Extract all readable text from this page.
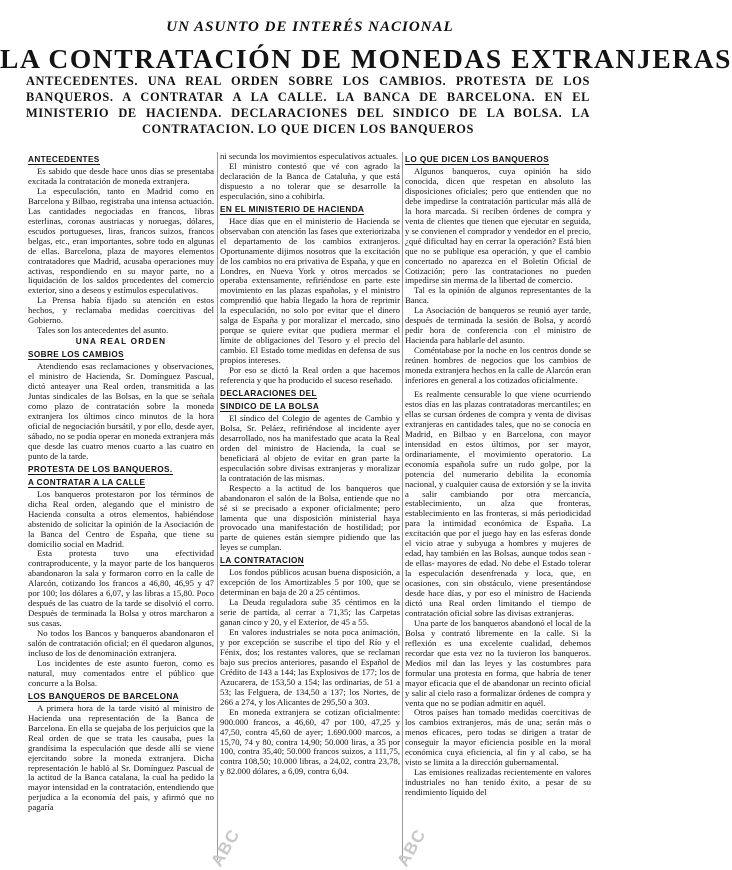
UN ASUNTO DE INTERÉS NACIONAL
LA CONTRATACIÓN DE MONEDAS EXTRANJERAS
ANTECEDENTES. UNA REAL ORDEN SOBRE LOS CAMBIOS. PROTESTA DE LOS BANQUEROS. A CONTRATAR A LA CALLE. LA BANCA DE BARCELONA. EN EL MINISTERIO DE HACIENDA. DECLARACIONES DEL SINDICO DE LA BOLSA. LA CONTRATACION. LO QUE DICEN LOS BANQUEROS
ANTECEDENTES

Es sabido que desde hace unos días se presentaba excitada la contratación de moneda extranjera.

La especulación, tanto en Madrid como en Barcelona y Bilbao, registraba una intensa actuación. Las cantidades negociadas en francos, libras esterlinas, coronas austriacas y noruegas, dólares, escudos portugueses, liras, francos suizos, francos belgas, etc., eran importantes, sobre todo en algunas de ellas. Barcelona, plaza de mayores elementos contratadores que Madrid, acusaba operaciones muy activas, respondiendo en su mayor parte, no a liquidación de los saldos procedentes del comercio exterior, sino a deseos y estímulos especulativos.

La Prensa había fijado su atención en estos hechos, y reclamaba medidas coercitivas del Gobierno.

Tales son los antecedentes del asunto.

UNA REAL ORDEN
SOBRE LOS CAMBIOS

Atendiendo esas reclamaciones y observaciones, el ministro de Hacienda, Sr. Domínguez Pascual, dictó anteayer una Real orden, transmitida a las Juntas sindicales de las Bolsas, en la que se señala como plazo de contratación sobre la moneda extranjera los últimos cinco minutos de la hora oficial de negociación bursátil, y por ello, desde ayer, sábado, no se podía operar en moneda extranjera más que desde las cuatro menos cuarto a las cuatro en punto de la tarde.

PROTESTA DE LOS BANQUEROS.
A CONTRATAR A LA CALLE

Los banqueros protestaron por los términos de dicha Real orden, alegando que el ministro de Hacienda consulta a otros elementos, habiéndose abstenido de solicitar la opinión de la Asociación de la Banca del Centro de España, que tiene su domicilio social en Madrid.

Esta protesta tuvo una efectividad contraproducente, y la mayor parte de los banqueros abandonaron la sala y formaron corro en la calle de Alarcón, cotizando los francos a 46,80, 46,95 y 47 por 100; los dólares a 6,07, y las libras a 15,80. Poco después de las cuatro de la tarde se disolvió el corro. Después de terminada la Bolsa y otros marcharon a sus casas.

No todos los Bancos y banqueros abandonaron el salón de contratación oficial; en él quedaron algunos, incluso de los de denominación extranjera.

Los incidentes de este asunto fueron, como es natural, muy comentados entre el público que concurre a la Bolsa.

LOS BANQUEROS DE BARCELONA

A primera hora de la tarde visitó al ministro de Hacienda una representación de la Banca de Barcelona. En ella se quejaba de los perjuicios que la Real orden de que se trata les causaba, pues la grandísima la especulación que desde allí se viene ejercitando sobre la moneda extranjera. Dicha representación le habló al Sr. Domínguez Pascual de la actitud de la Banca catalana, la cual ha pedido la mayor intensidad en la contratación, entendiendo que perjudica a la economía del país, y afirmó que no pagaría

ni secunda los movimientos especulativos actuales.

El ministro contestó que vé con agrado la declaración de la Banca de Cataluña, y que está dispuesto a no tolerar que se desarrolle la especulación, sino a cohibirla.

EN EL MINISTERIO DE HACIENDA

Hace días que en el ministerio de Hacienda se observaban con atención las fases que exteriorizaba el departamento de los cambios extranjeros. Oportunamente dijimos nosotros que la excitación de los cambios no era privativa de España, y que en Londres, en Nueva York y otros mercados se operaba extensamente, refiriéndose en parte este movimiento en las plazas españolas, y el ministro comprendió que había llegado la hora de reprimir la especulación, no solo por evitar que el dinero salga de España y por moralizar el mercado, sino porque se quiere evitar que pudiera mermar el límite de obligaciones del Tesoro y el precio del cambio. El Estado tome medidas en defensa de sus propios intereses.

Por eso se dictó la Real orden a que hacemos referencia y que ha producido el suceso reseñado.

DECLARACIONES DEL
SINDICO DE LA BOLSA

El síndico del Colegio de agentes de Cambio y Bolsa, Sr. Peláez, refiriéndose al incidente ayer desarrollado, nos ha manifestado que acata la Real orden del ministro de Hacienda, la cual se beneficiará al objeto de evitar en gran parte la especulación sobre divisas extranjeras y moralizar la contratación de las mismas.

Respecto a la actitud de los banqueros que abandonaron el salón de la Bolsa, entiende que no sé si se precisado a exponer oficialmente; pero lamenta que una disposición ministerial haya provocado una manifestación de hostilidad; por parte de quienes están siempre pidiendo que las leyes se cumplan.

LA CONTRATACION

Los fondos públicos acusan buena disposición, a excepción de los Amortizables 5 por 100, que se determinan en baja de 20 a 25 céntimos.

La Deuda reguladora sube 35 céntimos en la serie de partida, al cerrar a 71,35; las Carpetas ganan cinco y 20, y el Exterior, de 45 a 55.

En valores industriales se nota poca animación, y por excepción se suscribe el tipo del Río y el Fénix, dos; los restantes valores, que se reclaman bajo sus precios anteriores, pasando el Español de Crédito de 143 a 144; las Explosivos de 177; los de Azucarera, de 153,50 a 154; las ordinarias, de 51 a 53; las Felguera, de 134,50 a 137; los Nortes, de 266 a 274, y los Alicantes de 295,50 a 303.

En moneda extranjera se cotizan oficialmente: 900.000 francos, a 46,60, 47 por 100, 47,25 y 47,50, contra 45,60 de ayer; 1.690.000 marcos, a 15,70, 74 y 80, contra 14,90; 50.000 liras, a 35 por 100, contra 35,40; 50.000 francos suizos, a 111,75, contra 108,50; 10.000 libras, a 24,02, contra 23,78, y 82.000 dólares, a 6,09, contra 6,04.

LO QUE DICEN LOS BANQUEROS

Algunos banqueros, cuya opinión ha sido conocida, dicen que respetan en absoluto las disposiciones oficiales; pero que entienden que no debe impedirse la contratación particular más allá de la hora marcada. Si reciben órdenes de compra y venta de clientes que tienen que ejecutar en seguida, y se convienen el comprador y vendedor en el precio, ¿qué dificultad hay en cerrar la operación? Está bien que no se publique esa operación, y que el cambio concertado no aparezca en el Boletín Oficial de Cotización; pero las contrataciones no pueden impedirse sin merma de la libertad de comercio.

Tal es la opinión de algunos representantes de la Banca.

La Asociación de banqueros se reunió ayer tarde, después de terminada la sesión de Bolsa, y acordó pedir hora de conferencia con el ministro de Hacienda para hablarle del asunto.

Coméntabase por la noche en los centros donde se reúnen hombres de negocios que los cambios de moneda extranjera hechos en la calle de Alarcón eran inferiores en general a los cotizados oficialmente.

Es realmente censurable lo que viene ocurriendo estos días en las plazas contratadoras mercantiles; en ellas se cursan órdenes de compra y venta de divisas extranjeras en cantidades tales, que no se conocía en Madrid, en Bilbao y en Barcelona, con mayor intensidad en estos últimos, por ser mayor, ordinariamente, el movimiento operatorio. La economía española sufre un rudo golpe, por la potencia del numerario debilita la economía nacional, y cualquier causa de extorsión y se la invita a salir cambiando por otra mercancía, establecimiento, un alza que fronteras, establecimiento en las fronteras, si más periodicidad para la intimidad económica de España. La excitación que por el juego hay en las esferas donde el vicio atrae y subyuga a hombres y mujeres de edad, hay también en las Bolsas, aunque todos sean -de ellas- mayores de edad. No debe el Estado tolerar la especulación desenfrenada y loca, que, en ocasiones, con sin obstáculo, viene presentándose desde hace días, y por eso el ministro de Hacienda dictó una Real orden limitando el tiempo de contratación oficial sobre las divisas extranjeras.

Una parte de los banqueros abandonó el local de la Bolsa y contrató libremente en la calle. Si la reflexión es una excelente cualidad, debemos recordar que esta vez no la tuvieron los banqueros. Medios mil dan las leyes y las costumbres para formular una protesta en forma, que habría de tener mayor eficacia que el de abandonar un recinto oficial y salir al cielo raso a formalizar órdenes de compra y venta que no se podían admitir en aquél.

Otros países han tomado medidas coercitivas de los cambios extranjeros, más de una; serán más o menos eficaces, pero todas se dirigen a tratar de conseguir la mayor eficiencia posible en la moral económica cuya eficiencia, al fin y al cabo, se ha visto se limita a la dirección gubernamental.

Las emisiones realizadas recientemente en valores industriales no han tenido éxito, a pesar de su rendimiento líquido del

ABC	ABC
